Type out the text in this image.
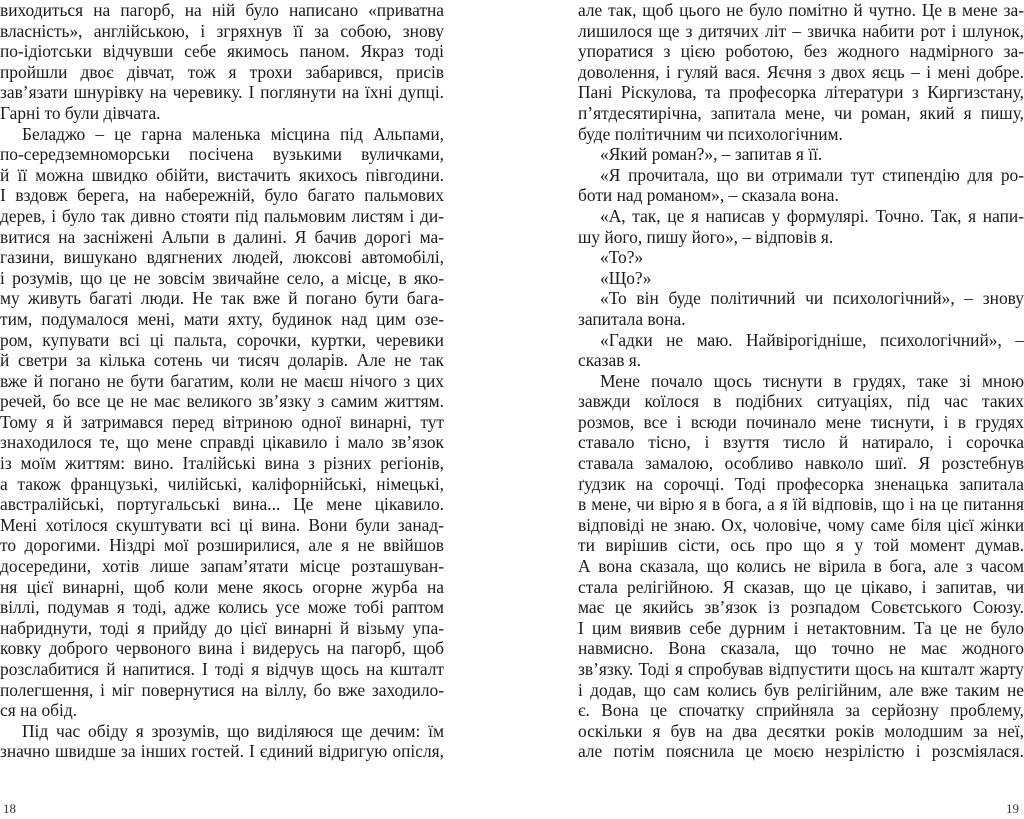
виходиться на пагорб, на ній було написано «приватна
власність», англійською, і згряхнув її за собою, знову
по-ідіотськи відчувши себе якимось паном. Якраз тоді
пройшли двоє дівчат, тож я трохи забарився, присів
зав’язати шнурівку на черевику. І поглянути на їхні дупці.
Гарні то були дівчата.
Беладжо – це гарна маленька місцина під Альпами,
по-середземноморськи посічена вузькими вуличками,
й її можна швидко обійти, вистачить якихось півгодини.
І вздовж берега, на набережній, було багато пальмових
дерев, і було так дивно стояти під пальмовим листям і ди-
витися на засніжені Альпи в далині. Я бачив дорогі ма-
газини, вишукано вдягнених людей, люксові автомобілі,
і розумів, що це не зовсім звичайне село, а місце, в яко-
му живуть багаті люди. Не так вже й погано бути багa-
тим, подумалося мені, мати яхту, будинок над цим озе-
ром, купувати всі ці пальта, сорочки, куртки, черевики
й светри за кілька сотень чи тисяч доларів. Але не так
вже й погано не бути багатим, коли не маєш нічого з цих
речей, бо все це не має великого зв’язку з самим життям.
Тому я й затримався перед вітриною одної винарні, тут
знаходилося те, що мене справді цікавило і мало зв’язок
із моїм життям: вино. Італійські вина з різних регіонів,
а також французькі, чилійські, каліфорнійські, німецькі,
австралійські, португальські вина... Це мене цікавило.
Мені хотілося скуштувати всі ці вина. Вони були занад-
то дорогими. Ніздрі мої розширилися, але я не ввійшов
досередини, хотів лише запам’ятати місце розташуван-
ня цієї винарні, щоб коли мене якось огорне журба на
віллі, подумав я тоді, адже колись усе може тобі раптом
набриднути, тоді я прийду до цієї винарні й візьму упа-
ковку доброго червоного вина і видерусь на пагорб, щоб
розслабитися й напитися. І тоді я відчув щось на кшталт
полегшення, і міг повернутися на віллу, бо вже заходило-
ся на обід.
Під час обіду я зрозумів, що виділяюся ще дечим: їм
значно швидше за інших гостей. І єдиний відригую опісля,
18
але так, щоб цього не було помітно й чутно. Це в мене за-
лишилося ще з дитячих літ – звичка набити рот і шлунок,
упоратися з цією роботою, без жодного надмірного за-
доволення, і гуляй вася. Яєчня з двох яєць – і мені добре.
Пані Ріскулова, та професорка літератури з Киргизстану,
п’ятдесятирічна, запитала мене, чи роман, який я пишу,
буде політичним чи психологічним.
«Який роман?», – запитав я її.
«Я прочитала, що ви отримали тут стипендію для ро-
боти над романом», – сказала вона.
«А, так, це я написав у формулярі. Точно. Так, я напи-
шу його, пишу його», – відповів я.
«То?»
«Що?»
«То він буде політичний чи психологічний», – знову
запитала вона.
«Гадки не маю. Найвірогідніше, психологічний», –
сказав я.
Мене почало щось тиснути в грудях, таке зі мною
завжди коїлося в подібних ситуаціях, під час таких
розмов, все і всюди починало мене тиснути, і в грудях
ставало тісно, і взуття тисло й натирало, і сорочка
ставала замалою, особливо навколо шиї. Я розстебнув
ґудзик на сорочці. Тоді професорка зненацька запитала
в мене, чи вірю я в бога, а я їй відповів, що і на це питання
відповіді не знаю. Ох, чоловіче, чому саме біля цієї жінки
ти вирішив сісти, ось про що я у той момент думав.
А вона сказала, що колись не вірила в бога, але з часом
стала релігійною. Я сказав, що це цікаво, і запитав, чи
має це якийсь зв’язок із розпадом Совєтського Союзу.
І цим виявив себе дурним і нетактовним. Та це не було
навмисно. Вона сказала, що точно не має жодного
зв’язку. Тоді я спробував відпустити щось на кшталт жарту
і додав, що сам колись був релігійним, але вже таким не
є. Вона це спочатку сприйняла за серйозну проблему,
оскільки я був на два десятки років молодшим за неї,
але потім пояснила це моєю незрілістю і розсміялася.
19
